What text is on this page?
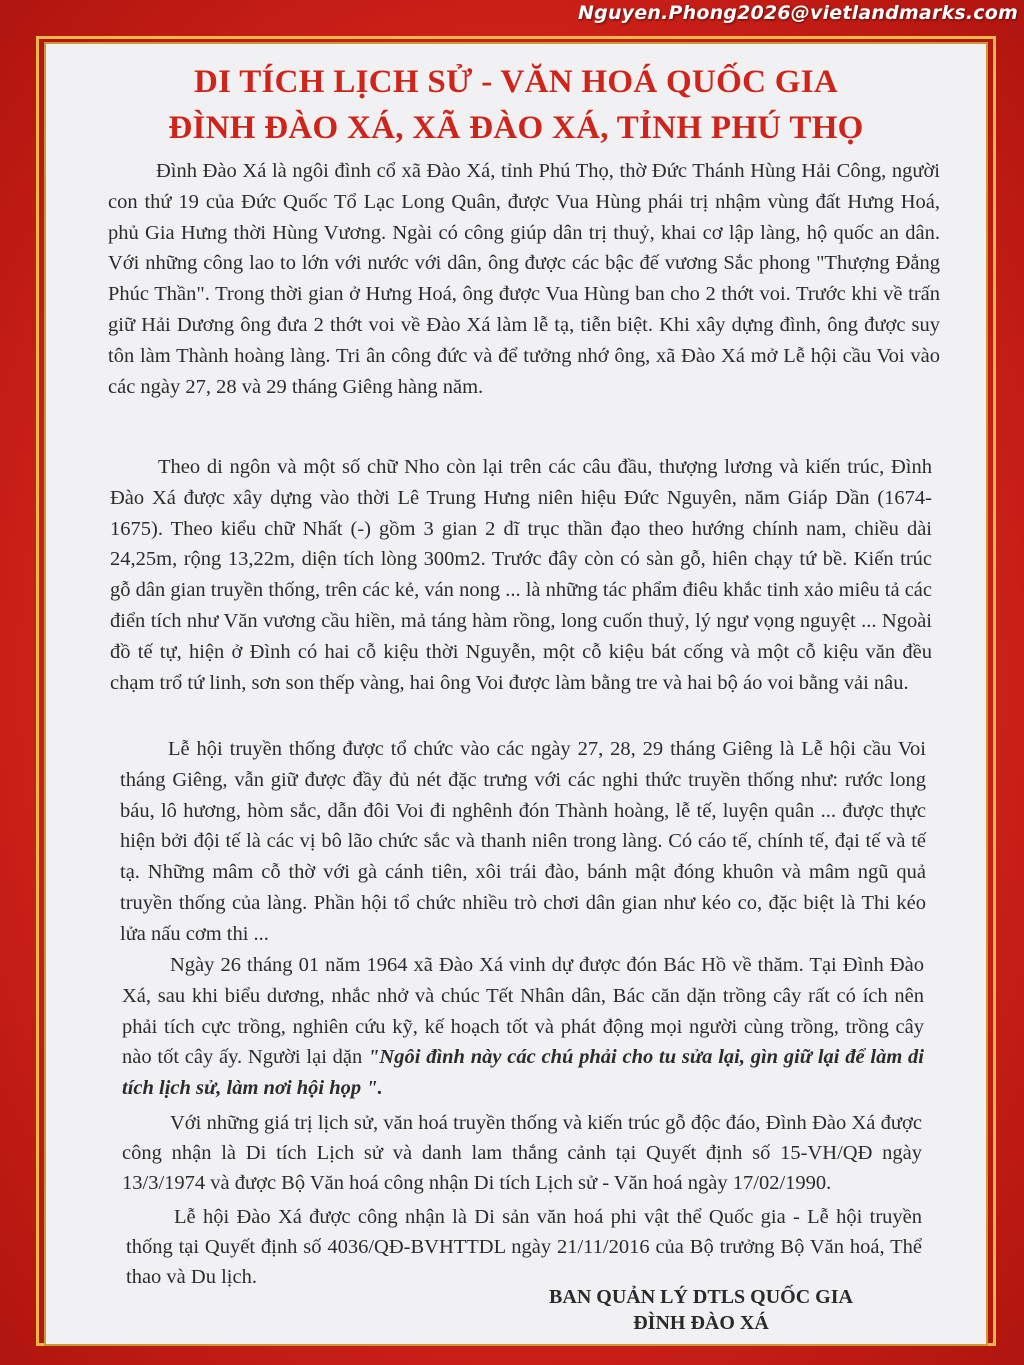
DI TÍCH LỊCH SỬ - VĂN HOÁ QUỐC GIA
ĐÌNH ĐÀO XÁ, XÃ ĐÀO XÁ, TỈNH PHÚ THỌ

Đình Đào Xá là ngôi đình cổ xã Đào Xá, tỉnh Phú Thọ, thờ Đức Thánh Hùng Hải Công, người con thứ 19 của Đức Quốc Tổ Lạc Long Quân, được Vua Hùng phái trị nhậm vùng đất Hưng Hoá, phủ Gia Hưng thời Hùng Vương. Ngài có công giúp dân trị thuỷ, khai cơ lập làng, hộ quốc an dân. Với những công lao to lớn với nước với dân, ông được các bậc đế vương Sắc phong "Thượng Đẳng Phúc Thần". Trong thời gian ở Hưng Hoá, ông được Vua Hùng ban cho 2 thớt voi. Trước khi về trấn giữ Hải Dương ông đưa 2 thớt voi về Đào Xá làm lễ tạ, tiễn biệt. Khi xây dựng đình, ông được suy tôn làm Thành hoàng làng. Tri ân công đức và để tưởng nhớ ông, xã Đào Xá mở Lễ hội cầu Voi vào các ngày 27, 28 và 29 tháng Giêng hàng năm.

Theo di ngôn và một số chữ Nho còn lại trên các câu đầu, thượng lương và kiến trúc, Đình Đào Xá được xây dựng vào thời Lê Trung Hưng niên hiệu Đức Nguyên, năm Giáp Dần (1674-1675). Theo kiểu chữ Nhất (-) gồm 3 gian 2 dĩ trục thần đạo theo hướng chính nam, chiều dài 24,25m, rộng 13,22m, diện tích lòng 300m2. Trước đây còn có sàn gỗ, hiên chạy tứ bề. Kiến trúc gỗ dân gian truyền thống, trên các kẻ, ván nong ... là những tác phẩm điêu khắc tinh xảo miêu tả các điển tích như Văn vương cầu hiền, mả táng hàm rồng, long cuốn thuỷ, lý ngư vọng nguyệt ... Ngoài đồ tế tự, hiện ở Đình có hai cỗ kiệu thời Nguyễn, một cỗ kiệu bát cống và một cỗ kiệu văn đều chạm trổ tứ linh, sơn son thếp vàng, hai ông Voi được làm bằng tre và hai bộ áo voi bằng vải nâu.

Lễ hội truyền thống được tổ chức vào các ngày 27, 28, 29 tháng Giêng là Lễ hội cầu Voi tháng Giêng, vẫn giữ được đầy đủ nét đặc trưng với các nghi thức truyền thống như: rước long báu, lô hương, hòm sắc, dẫn đôi Voi đi nghênh đón Thành hoàng, lễ tế, luyện quân ... được thực hiện bởi đội tế là các vị bô lão chức sắc và thanh niên trong làng. Có cáo tế, chính tế, đại tế và tế tạ. Những mâm cỗ thờ với gà cánh tiên, xôi trái đào, bánh mật đóng khuôn và mâm ngũ quả truyền thống của làng. Phần hội tổ chức nhiều trò chơi dân gian như kéo co, đặc biệt là Thi kéo lửa nấu cơm thi ...

Ngày 26 tháng 01 năm 1964 xã Đào Xá vinh dự được đón Bác Hồ về thăm. Tại Đình Đào Xá, sau khi biểu dương, nhắc nhở và chúc Tết Nhân dân, Bác căn dặn trồng cây rất có ích nên phải tích cực trồng, nghiên cứu kỹ, kế hoạch tốt và phát động mọi người cùng trồng, trồng cây nào tốt cây ấy. Người lại dặn "Ngôi đình này các chú phải cho tu sửa lại, gìn giữ lại để làm di tích lịch sử, làm nơi hội họp ".

Với những giá trị lịch sử, văn hoá truyền thống và kiến trúc gỗ độc đáo, Đình Đào Xá được công nhận là Di tích Lịch sử và danh lam thắng cảnh tại Quyết định số 15-VH/QĐ ngày 13/3/1974 và được Bộ Văn hoá công nhận Di tích Lịch sử - Văn hoá ngày 17/02/1990.

Lễ hội Đào Xá được công nhận là Di sản văn hoá phi vật thể Quốc gia - Lễ hội truyền thống tại Quyết định số 4036/QĐ-BVHTTDL ngày 21/11/2016 của Bộ trưởng Bộ Văn hoá, Thể thao và Du lịch.

BAN QUẢN LÝ DTLS QUỐC GIA
ĐÌNH ĐÀO XÁ
Nguyen.Phong2026@vietlandmarks.com
